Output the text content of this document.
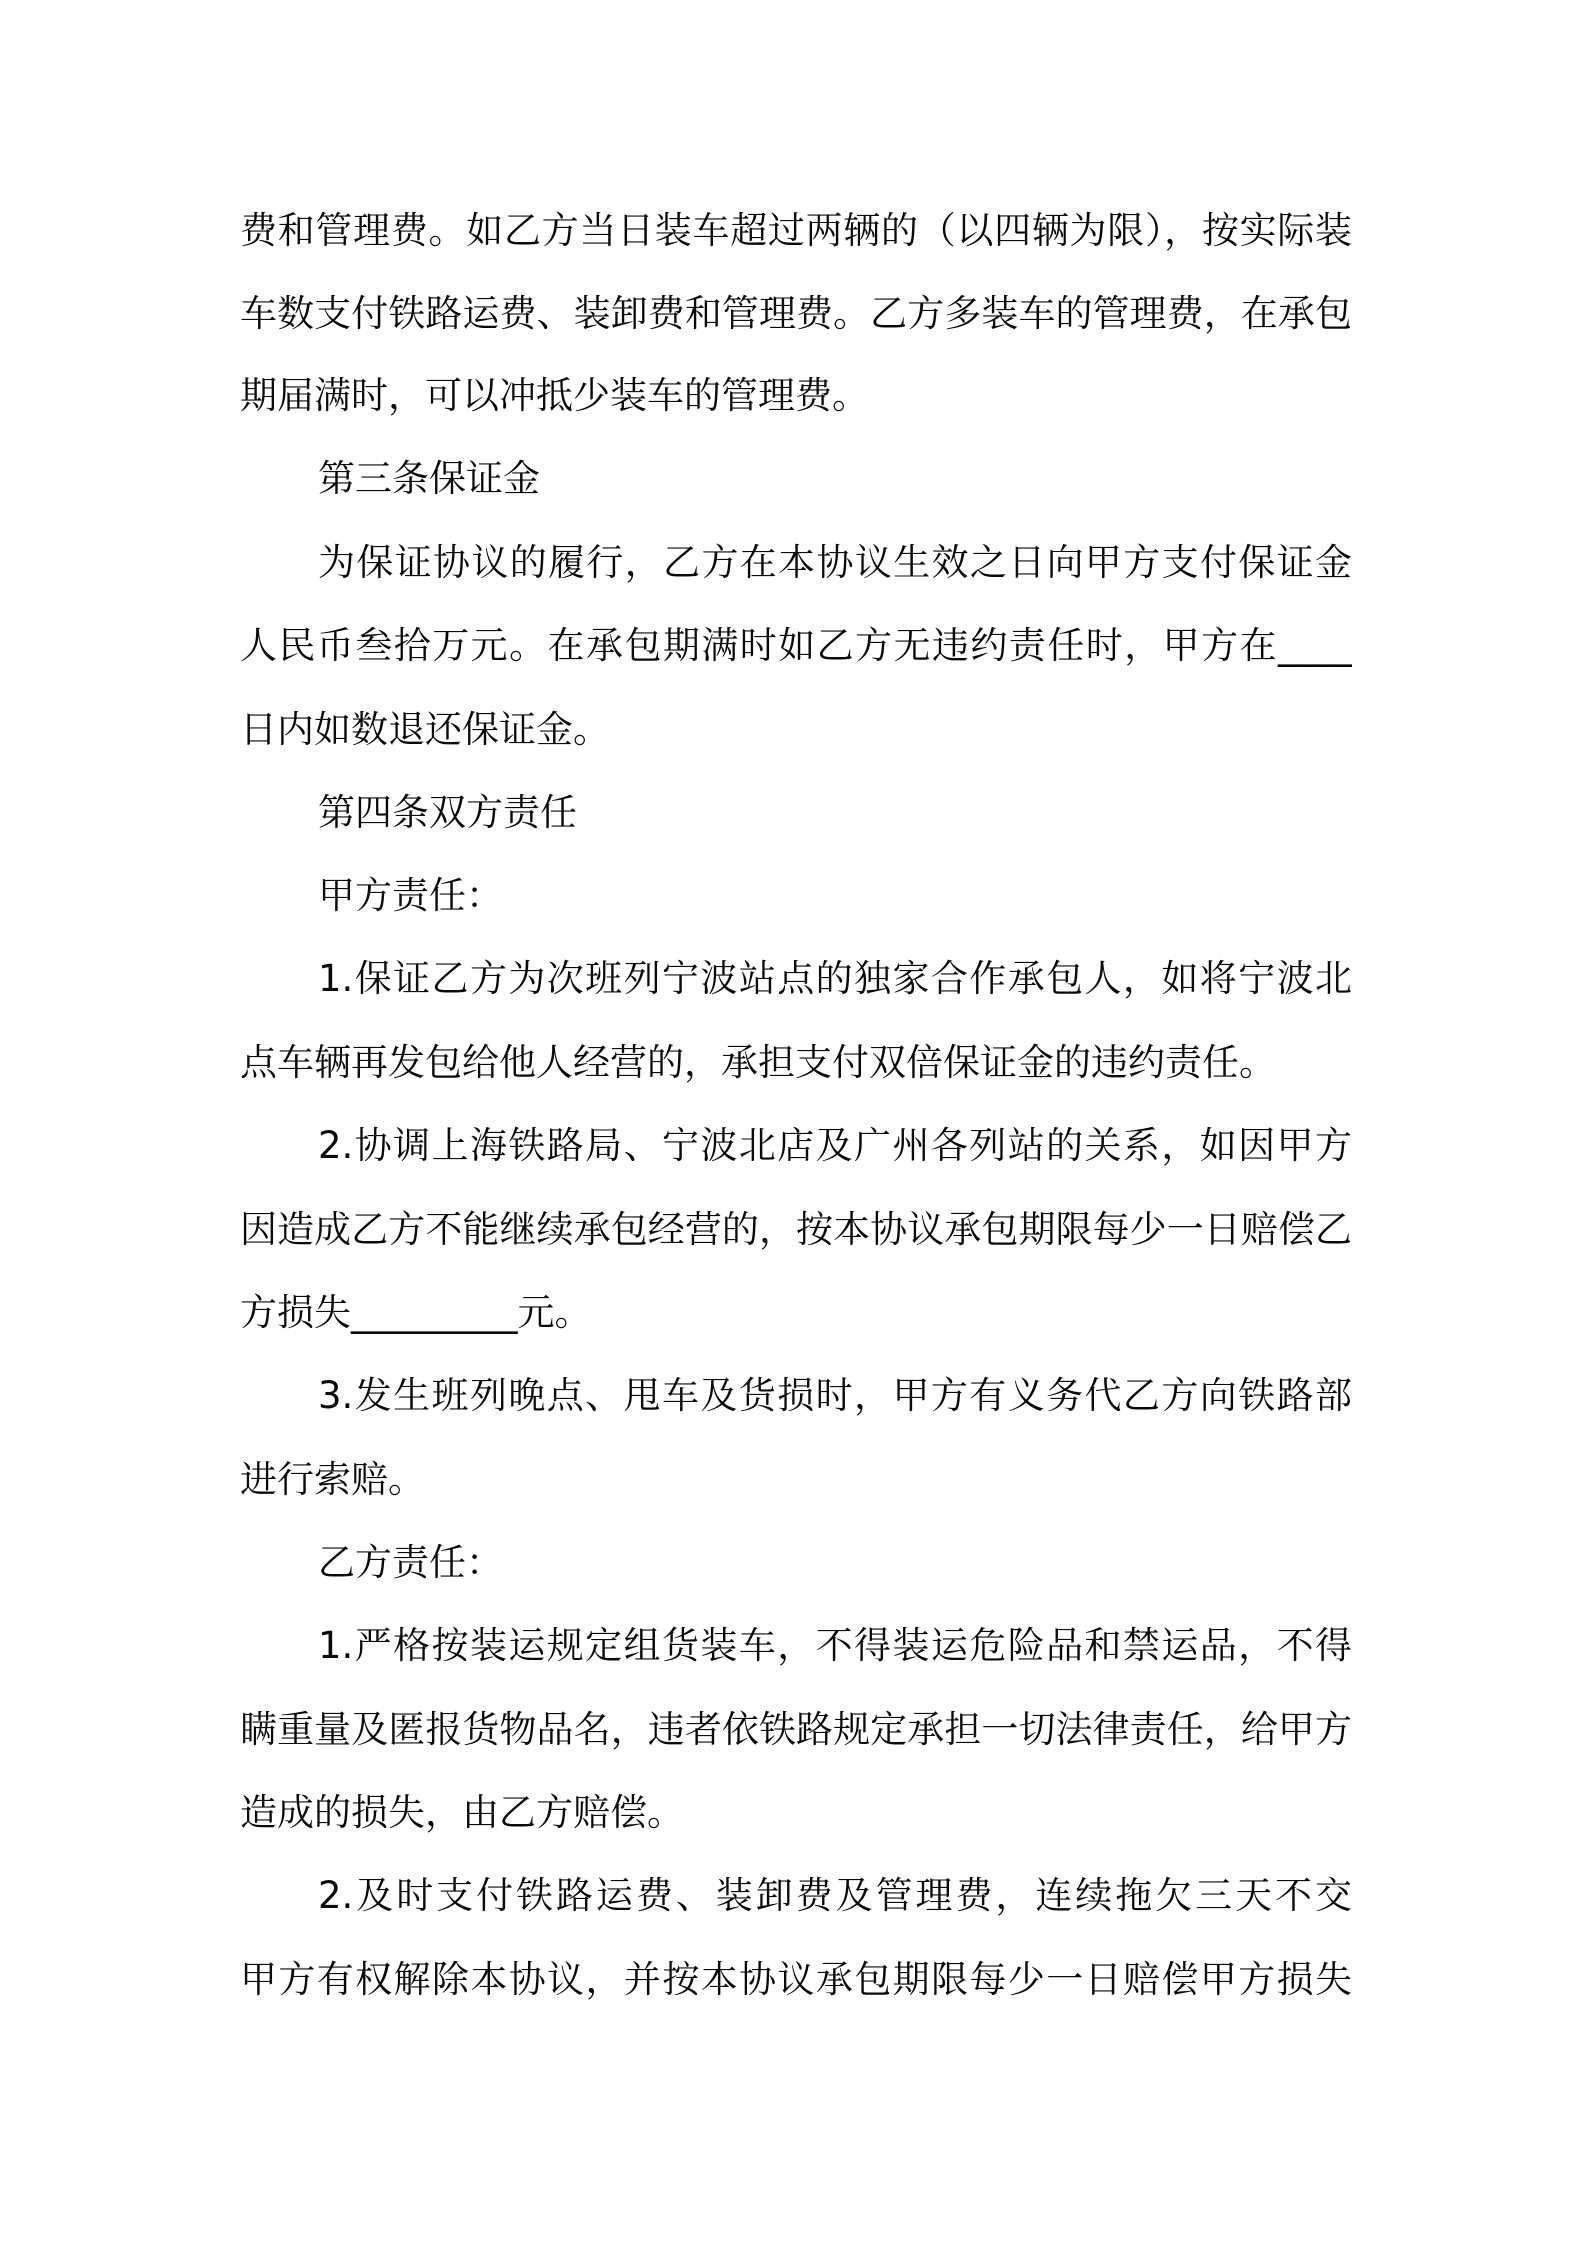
费和管理费。如乙方当日装车超过两辆的（以四辆为限），按实际装
车数支付铁路运费、装卸费和管理费。乙方多装车的管理费，在承包
期届满时，可以冲抵少装车的管理费。
第三条保证金
为保证协议的履行，乙方在本协议生效之日向甲方支付保证金
人民币叁拾万元。在承包期满时如乙方无违约责任时，甲方在____
日内如数退还保证金。
第四条双方责任
甲方责任：
1.保证乙方为次班列宁波站点的独家合作承包人，如将宁波北
点车辆再发包给他人经营的，承担支付双倍保证金的违约责任。
2.协调上海铁路局、宁波北店及广州各列站的关系，如因甲方
因造成乙方不能继续承包经营的，按本协议承包期限每少一日赔偿乙
方损失_________元。
3.发生班列晚点、甩车及货损时，甲方有义务代乙方向铁路部
进行索赔。
乙方责任：
1.严格按装运规定组货装车，不得装运危险品和禁运品，不得
瞒重量及匿报货物品名，违者依铁路规定承担一切法律责任，给甲方
造成的损失，由乙方赔偿。
2.及时支付铁路运费、装卸费及管理费，连续拖欠三天不交
甲方有权解除本协议，并按本协议承包期限每少一日赔偿甲方损失
